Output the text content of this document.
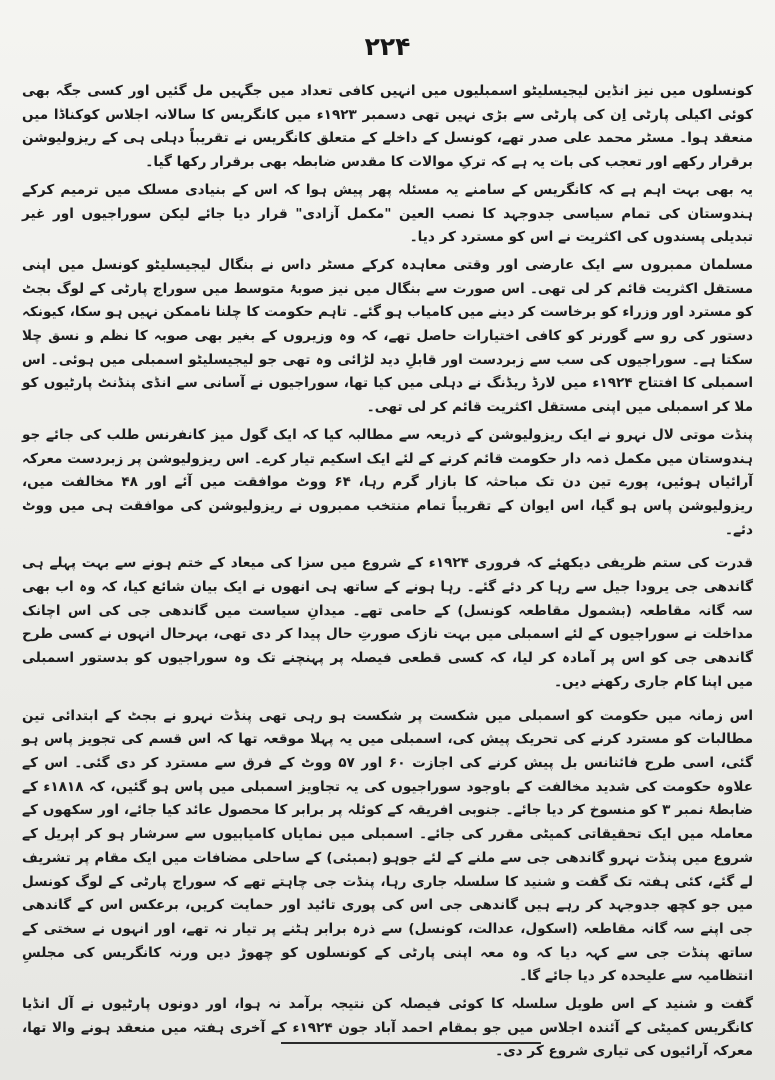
۲۲۴

کونسلوں میں نیز انڈین لیجیسلیٹو اسمبلیوں میں انہیں کافی تعداد میں جگہیں مل گئیں اور کسی جگہ بھی کوئی اکیلی پارٹی اِن کی پارٹی سے بڑی نہیں تھی دسمبر ۱۹۲۳ء میں کانگریس کا سالانہ اجلاس کوکناڈا میں منعقد ہوا۔ مسٹر محمد علی صدر تھے، کونسل کے داخلے کے متعلق کانگریس نے تقریباً دہلی ہی کے ریزولیوشن برقرار رکھے اور تعجب کی بات یہ ہے کہ ترکِ موالات کا مقدس ضابطہ بھی برقرار رکھا گیا۔

یہ بھی بہت اہم ہے کہ کانگریس کے سامنے یہ مسئلہ پھر پیش ہوا کہ اس کے بنیادی مسلک میں ترمیم کرکے ہندوستان کی تمام سیاسی جدوجہد کا نصب العین "مکمل آزادی" قرار دیا جائے لیکن سوراجیوں اور غیر تبدیلی پسندوں کی اکثریت نے اس کو مسترد کر دیا۔

مسلمان ممبروں سے ایک عارضی اور وقتی معاہدہ کرکے مسٹر داس نے بنگال لیجیسلیٹو کونسل میں اپنی مستقل اکثریت قائم کر لی تھی۔ اس صورت سے بنگال میں نیز صوبۂ متوسط میں سوراج پارٹی کے لوگ بجٹ کو مسترد اور وزراء کو برخاست کر دینے میں کامیاب ہو گئے۔ تاہم حکومت کا چلنا ناممکن نہیں ہو سکا، کیونکہ دستور کی رو سے گورنر کو کافی اختیارات حاصل تھے، کہ وہ وزیروں کے بغیر بھی صوبہ کا نظم و نسق چلا سکتا ہے۔ سوراجیوں کی سب سے زبردست اور قابلِ دید لڑائی وہ تھی جو لیجیسلیٹو اسمبلی میں ہوئی۔ اس اسمبلی کا افتتاح ۱۹۲۴ء میں لارڈ ریڈنگ نے دہلی میں کیا تھا، سوراجیوں نے آسانی سے انڈی پنڈنٹ پارٹیوں کو ملا کر اسمبلی میں اپنی مستقل اکثریت قائم کر لی تھی۔

پنڈت موتی لال نہرو نے ایک ریزولیوشن کے ذریعہ سے مطالبہ کیا کہ ایک گول میز کانفرنس طلب کی جائے جو ہندوستان میں مکمل ذمہ دار حکومت قائم کرنے کے لئے ایک اسکیم تیار کرے۔ اس ریزولیوشن پر زبردست معرکہ آرائیاں ہوئیں، پورے تین دن تک مباحثہ کا بازار گرم رہا، ۶۴ ووٹ موافقت میں آئے اور ۴۸ مخالفت میں، ریزولیوشن پاس ہو گیا، اس ایوان کے تقریباً تمام منتخب ممبروں نے ریزولیوشن کی موافقت ہی میں ووٹ دئے۔

قدرت کی ستم ظریفی دیکھئے کہ فروری ۱۹۲۴ء کے شروع میں سزا کی میعاد کے ختم ہونے سے بہت پہلے ہی گاندھی جی یرودا جیل سے رہا کر دئے گئے۔ رہا ہونے کے ساتھ ہی انھوں نے ایک بیان شائع کیا، کہ وہ اب بھی سہ گانہ مقاطعہ (بشمول مقاطعہ کونسل) کے حامی تھے۔ میدانِ سیاست میں گاندھی جی کی اس اچانک مداخلت نے سوراجیوں کے لئے اسمبلی میں بہت نازک صورتِ حال پیدا کر دی تھی، بہرحال انہوں نے کسی طرح گاندھی جی کو اس پر آمادہ کر لیا، کہ کسی قطعی فیصلہ پر پہنچنے تک وہ سوراجیوں کو بدستور اسمبلی میں اپنا کام جاری رکھنے دیں۔

اس زمانہ میں حکومت کو اسمبلی میں شکست پر شکست ہو رہی تھی پنڈت نہرو نے بجٹ کے ابتدائی تین مطالبات کو مسترد کرنے کی تحریک پیش کی، اسمبلی میں یہ پہلا موقعہ تھا کہ اس قسم کی تجویز پاس ہو گئی، اسی طرح فائنانس بل پیش کرنے کی اجازت ۶۰ اور ۵۷ ووٹ کے فرق سے مسترد کر دی گئی۔ اس کے علاوہ حکومت کی شدید مخالفت کے باوجود سوراجیوں کی یہ تجاویز اسمبلی میں پاس ہو گئیں، کہ ۱۸۱۸ء کے ضابطۂ نمبر ۳ کو منسوخ کر دیا جائے۔ جنوبی افریقہ کے کوئلہ پر برابر کا محصول عائد کیا جائے، اور سکھوں کے معاملہ میں ایک تحقیقاتی کمیٹی مقرر کی جائے۔ اسمبلی میں نمایاں کامیابیوں سے سرشار ہو کر اپریل کے شروع میں پنڈت نہرو گاندھی جی سے ملنے کے لئے جوہو (بمبئی) کے ساحلی مضافات میں ایک مقام پر تشریف لے گئے، کئی ہفتہ تک گفت و شنید کا سلسلہ جاری رہا، پنڈت جی چاہتے تھے کہ سوراج پارٹی کے لوگ کونسل میں جو کچھ جدوجہد کر رہے ہیں گاندھی جی اس کی پوری تائید اور حمایت کریں، برعکس اس کے گاندھی جی اپنے سہ گانہ مقاطعہ (اسکول، عدالت، کونسل) سے ذرہ برابر ہٹنے پر تیار نہ تھے، اور انہوں نے سختی کے ساتھ پنڈت جی سے کہہ دیا کہ وہ معہ اپنی پارٹی کے کونسلوں کو چھوڑ دیں ورنہ کانگریس کی مجلسِ انتظامیہ سے علیحدہ کر دیا جائے گا۔

گفت و شنید کے اس طویل سلسلہ کا کوئی فیصلہ کن نتیجہ برآمد نہ ہوا، اور دونوں پارٹیوں نے آل انڈیا کانگریس کمیٹی کے آئندہ اجلاس میں جو بمقام احمد آباد جون ۱۹۲۴ء کے آخری ہفتہ میں منعقد ہونے والا تھا، معرکہ آرائیوں کی تیاری شروع کر دی۔
